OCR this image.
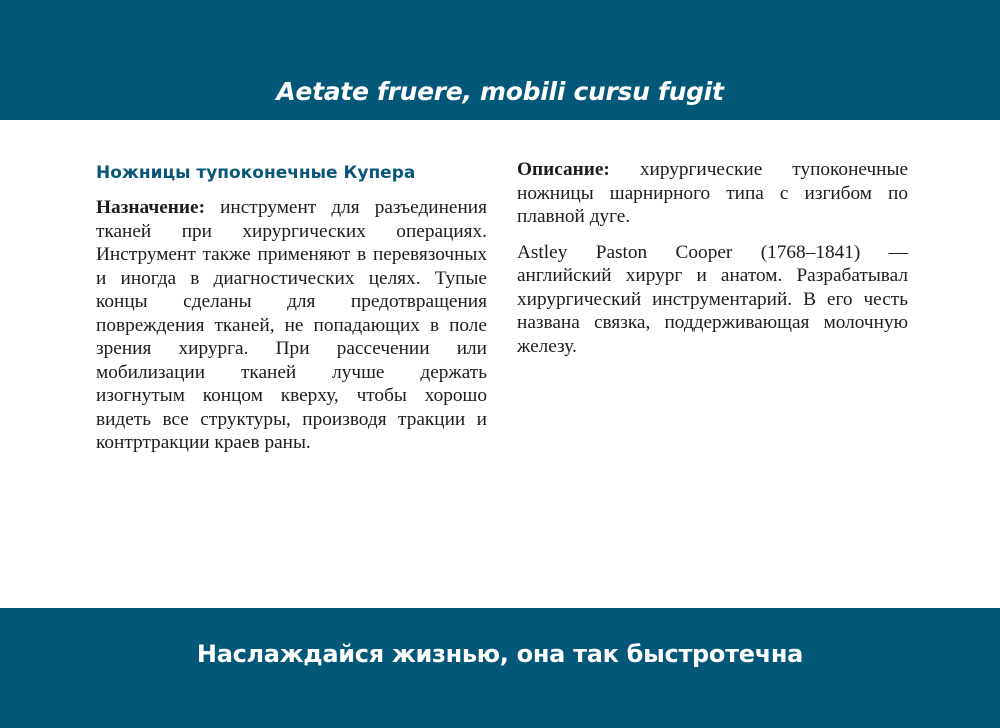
Aetate fruere, mobili cursu fugit
Ножницы тупоконечные Купера

Назначение: инструмент для разъединения тканей при хирургических операциях. Инструмент также применяют в перевязочных и иногда в диагностических целях. Тупые концы сделаны для предотвращения повреждения тканей, не попадающих в поле зрения хирурга. При рассечении или мобилизации тканей лучше держать изогнутым концом кверху, чтобы хорошо видеть все структуры, производя тракции и контртракции краев раны.

Описание: хирургические тупоконечные ножницы шарнирного типа с изгибом по плавной дуге.

Astley Paston Cooper (1768–1841) — английский хирург и анатом. Разрабатывал хирургический инструментарий. В его честь названа связка, поддерживающая молочную железу.

Наслаждайся жизнью, она так быстротечна
